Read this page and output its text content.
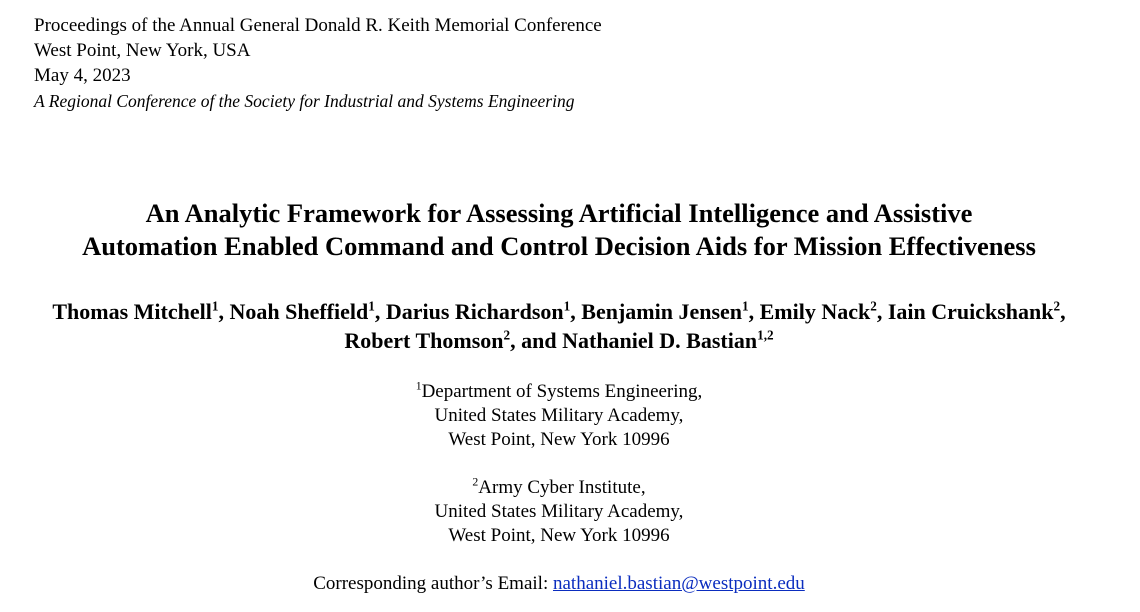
Proceedings of the Annual General Donald R. Keith Memorial Conference
West Point, New York, USA
May 4, 2023
A Regional Conference of the Society for Industrial and Systems Engineering
An Analytic Framework for Assessing Artificial Intelligence and Assistive
Automation Enabled Command and Control Decision Aids for Mission Effectiveness
Thomas Mitchell$^1$, Noah Sheffield$^1$, Darius Richardson$^1$, Benjamin Jensen$^1$, Emily Nack$^2$, Iain Cruickshank$^2$, Robert Thomson$^2$, and Nathaniel D. Bastian$^{1,2}$
$^1$Department of Systems Engineering,
United States Military Academy,
West Point, New York 10996
$^2$Army Cyber Institute,
United States Military Academy,
West Point, New York 10996
Corresponding author’s Email: nathaniel.bastian@westpoint.edu
